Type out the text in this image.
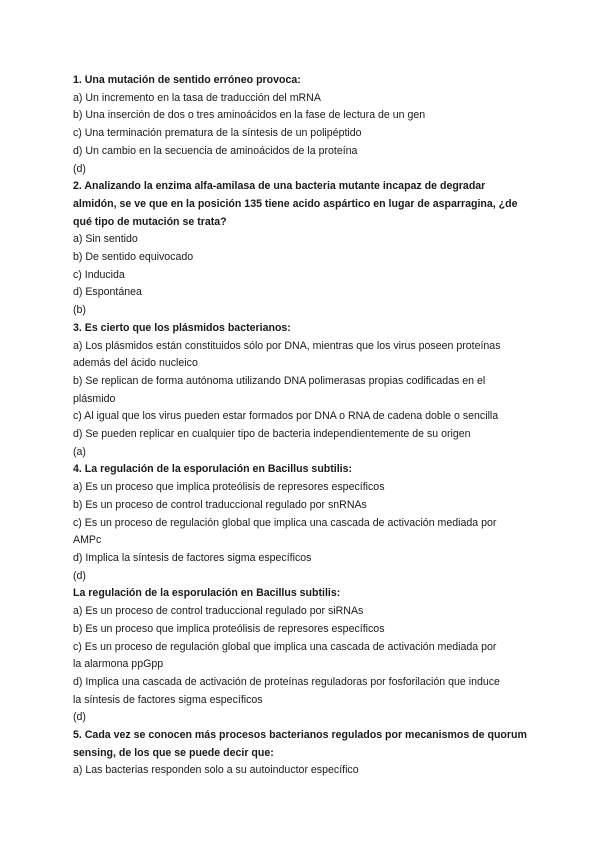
1. Una mutación de sentido erróneo provoca:
a) Un incremento en la tasa de traducción del mRNA
b) Una inserción de dos o tres aminoácidos en la fase de lectura de un gen
c) Una terminación prematura de la síntesis de un polipéptido
d) Un cambio en la secuencia de aminoácidos de la proteína
(d)
2. Analizando la enzima alfa-amilasa de una bacteria mutante incapaz de degradar
almidón, se ve que en la posición 135 tiene acido aspártico en lugar de asparragina, ¿de
qué tipo de mutación se trata?
a) Sin sentido
b) De sentido equivocado
c) Inducida
d) Espontánea
(b)
3. Es cierto que los plásmidos bacterianos:
a) Los plásmidos están constituidos sólo por DNA, mientras que los virus poseen proteínas
además del ácido nucleico
b) Se replican de forma autónoma utilizando DNA polimerasas propias codificadas en el
plásmido
c) Al igual que los virus pueden estar formados por DNA o RNA de cadena doble o sencilla
d) Se pueden replicar en cualquier tipo de bacteria independientemente de su origen
(a)
4. La regulación de la esporulación en Bacillus subtilis:
a) Es un proceso que implica proteólisis de represores específicos
b) Es un proceso de control traduccional regulado por snRNAs
c) Es un proceso de regulación global que implica una cascada de activación mediada por
AMPc
d) Implica la síntesis de factores sigma específicos
(d)
La regulación de la esporulación en Bacillus subtilis:
a) Es un proceso de control traduccional regulado por siRNAs
b) Es un proceso que implica proteólisis de represores específicos
c) Es un proceso de regulación global que implica una cascada de activación mediada por
la alarmona ppGpp
d) Implica una cascada de activación de proteínas reguladoras por fosforilación que induce
la síntesis de factores sigma específicos
(d)
5. Cada vez se conocen más procesos bacterianos regulados por mecanismos de quorum
sensing, de los que se puede decir que:
a) Las bacterias responden solo a su autoinductor específico
